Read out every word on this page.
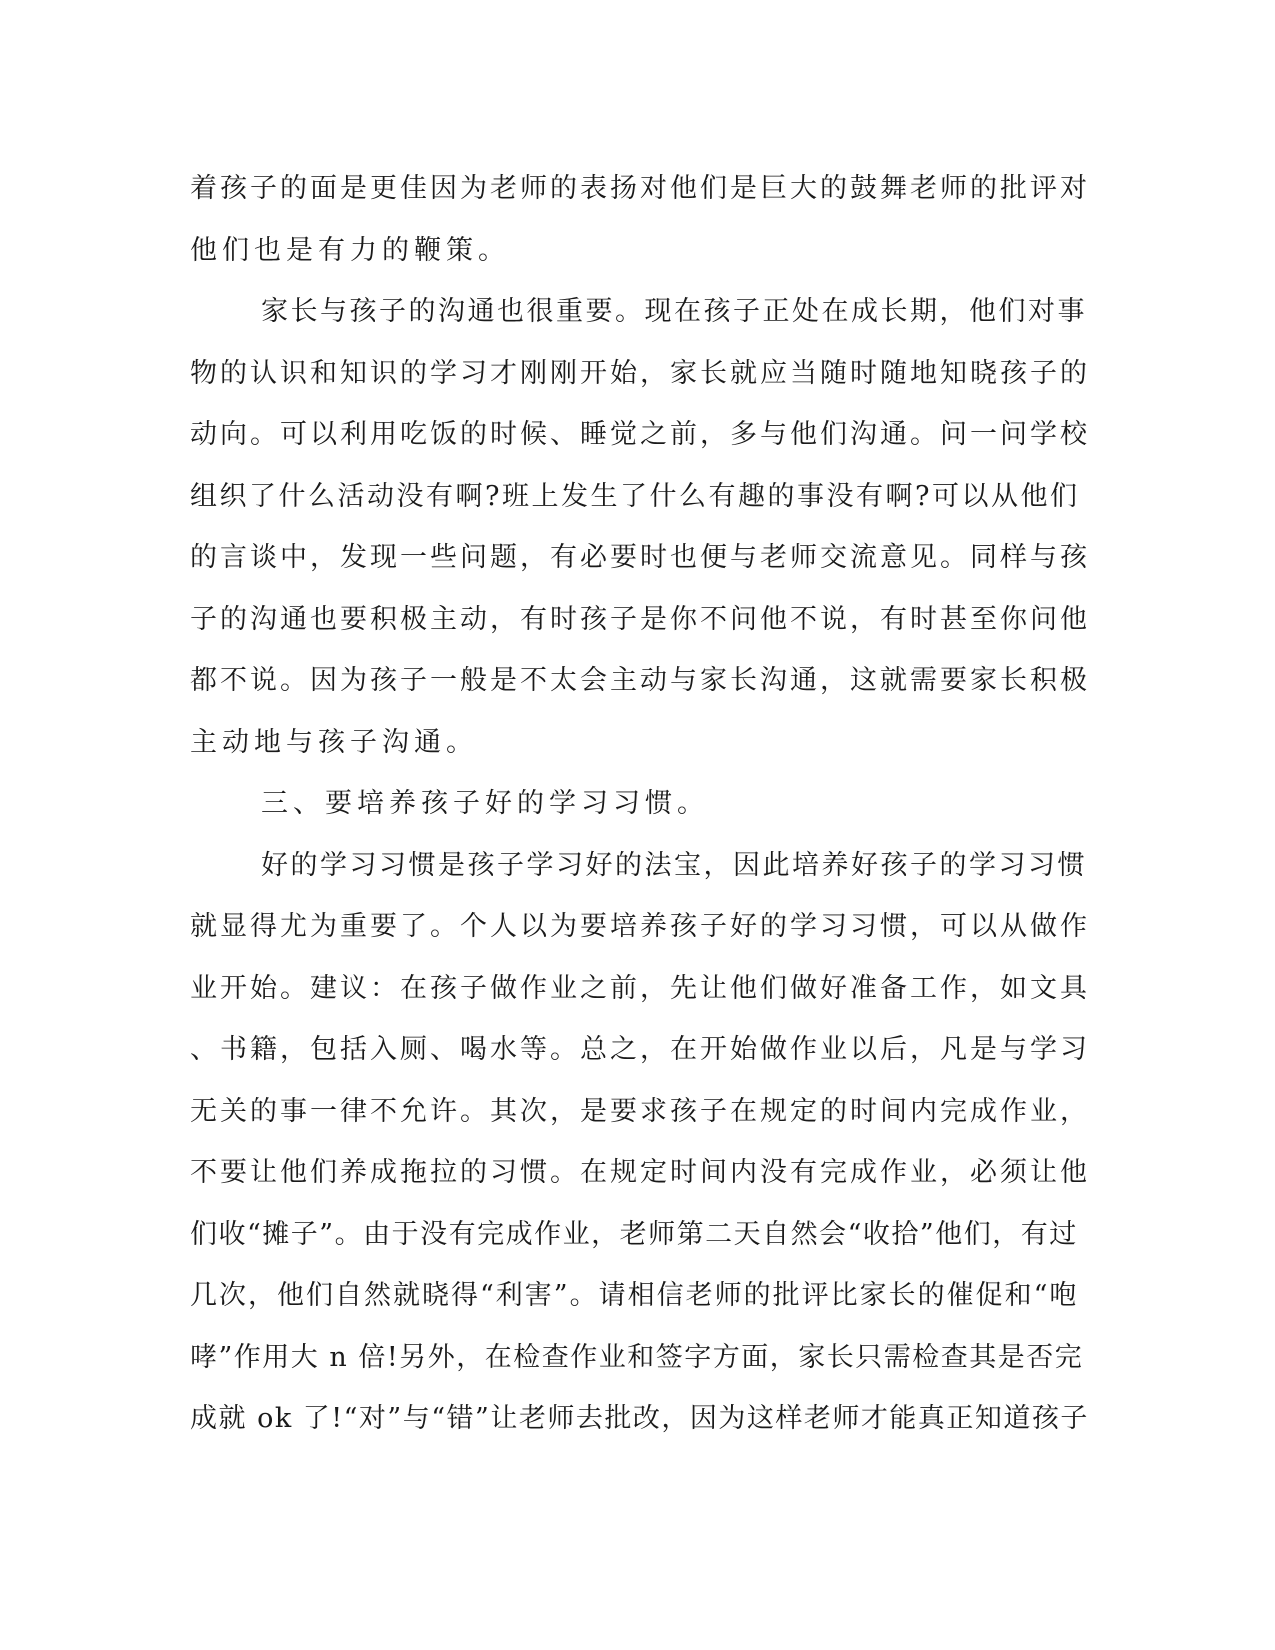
着孩子的面是更佳因为老师的表扬对他们是巨大的鼓舞老师的批评对
他们也是有力的鞭策。
家长与孩子的沟通也很重要。现在孩子正处在成长期，他们对事
物的认识和知识的学习才刚刚开始，家长就应当随时随地知晓孩子的
动向。可以利用吃饭的时候、睡觉之前，多与他们沟通。问一问学校
组织了什么活动没有啊?班上发生了什么有趣的事没有啊?可以从他们
的言谈中，发现一些问题，有必要时也便与老师交流意见。同样与孩
子的沟通也要积极主动，有时孩子是你不问他不说，有时甚至你问他
都不说。因为孩子一般是不太会主动与家长沟通，这就需要家长积极
主动地与孩子沟通。
三、要培养孩子好的学习习惯。
好的学习习惯是孩子学习好的法宝，因此培养好孩子的学习习惯
就显得尤为重要了。个人以为要培养孩子好的学习习惯，可以从做作
业开始。建议：在孩子做作业之前，先让他们做好准备工作，如文具
、书籍，包括入厕、喝水等。总之，在开始做作业以后，凡是与学习
无关的事一律不允许。其次，是要求孩子在规定的时间内完成作业，
不要让他们养成拖拉的习惯。在规定时间内没有完成作业，必须让他
们收“摊子”。由于没有完成作业，老师第二天自然会“收拾”他们，有过
几次，他们自然就晓得“利害”。请相信老师的批评比家长的催促和“咆
哮”作用大 n 倍!另外，在检查作业和签字方面，家长只需检查其是否完
成就 ok 了!“对”与“错”让老师去批改，因为这样老师才能真正知道孩子
